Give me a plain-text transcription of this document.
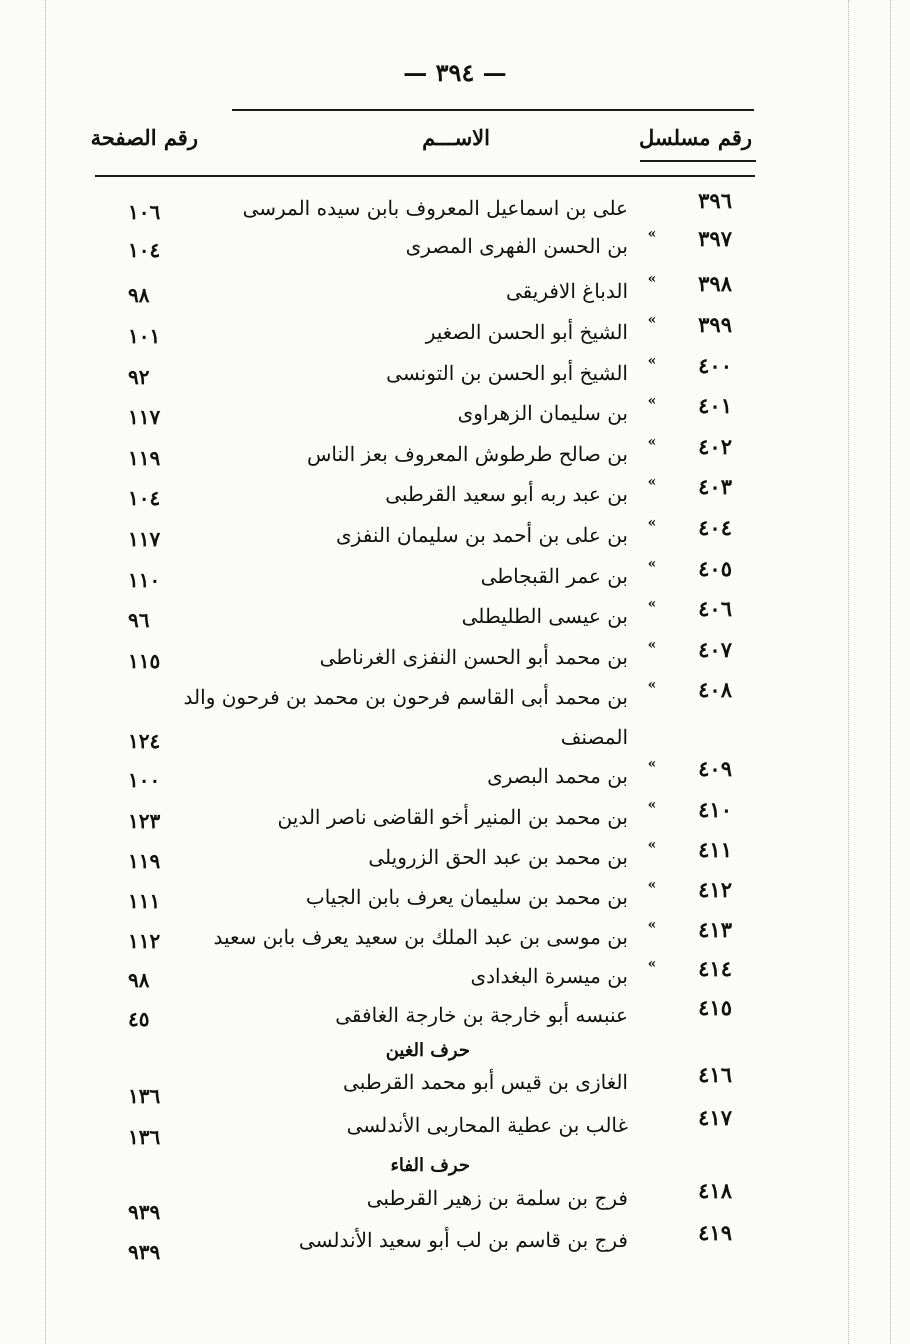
— ٣٩٤ —
رقم مسلسل
الاســـم
رقم الصفحة
٣٩٦
على بن اسماعيل المعروف بابن سيده المرسى
١٠٦
٣٩٧
»
بن الحسن الفهرى المصرى
١٠٤
٣٩٨
»
الدباغ الافريقى
٩٨
٣٩٩
»
الشيخ أبو الحسن الصغير
١٠١
٤٠٠
»
الشيخ أبو الحسن بن التونسى
٩٢
٤٠١
»
بن سليمان الزهراوى
١١٧
٤٠٢
»
بن صالح طرطوش المعروف بعز الناس
١١٩
٤٠٣
»
بن عبد ربه أبو سعيد القرطبى
١٠٤
٤٠٤
»
بن على بن أحمد بن سليمان النفزى
١١٧
٤٠٥
»
بن عمر القبجاطى
١١٠
٤٠٦
»
بن عيسى الطليطلى
٩٦
٤٠٧
»
بن محمد أبو الحسن النفزى الغرناطى
١١٥
٤٠٨
»
بن محمد أبى القاسم فرحون بن محمد بن فرحون والد المصنف
١٢٤
٤٠٩
»
بن محمد البصرى
١٠٠
٤١٠
»
بن محمد بن المنير أخو القاضى ناصر الدين
١٢٣
٤١١
»
بن محمد بن عبد الحق الزرويلى
١١٩
٤١٢
»
بن محمد بن سليمان يعرف بابن الجياب
١١١
٤١٣
»
بن موسى بن عبد الملك بن سعيد يعرف بابن سعيد
١١٢
٤١٤
»
بن ميسرة البغدادى
٩٨
٤١٥
عنبسه أبو خارجة بن خارجة الغافقى
٤٥
حرف الغين
٤١٦
الغازى بن قيس أبو محمد القرطبى
١٣٦
٤١٧
غالب بن عطية المحاربى الأندلسى
١٣٦
حرف الفاء
٤١٨
فرج بن سلمة بن زهير القرطبى
٩٣٩
٤١٩
فرج بن قاسم بن لب أبو سعيد الأندلسى
٩٣٩
